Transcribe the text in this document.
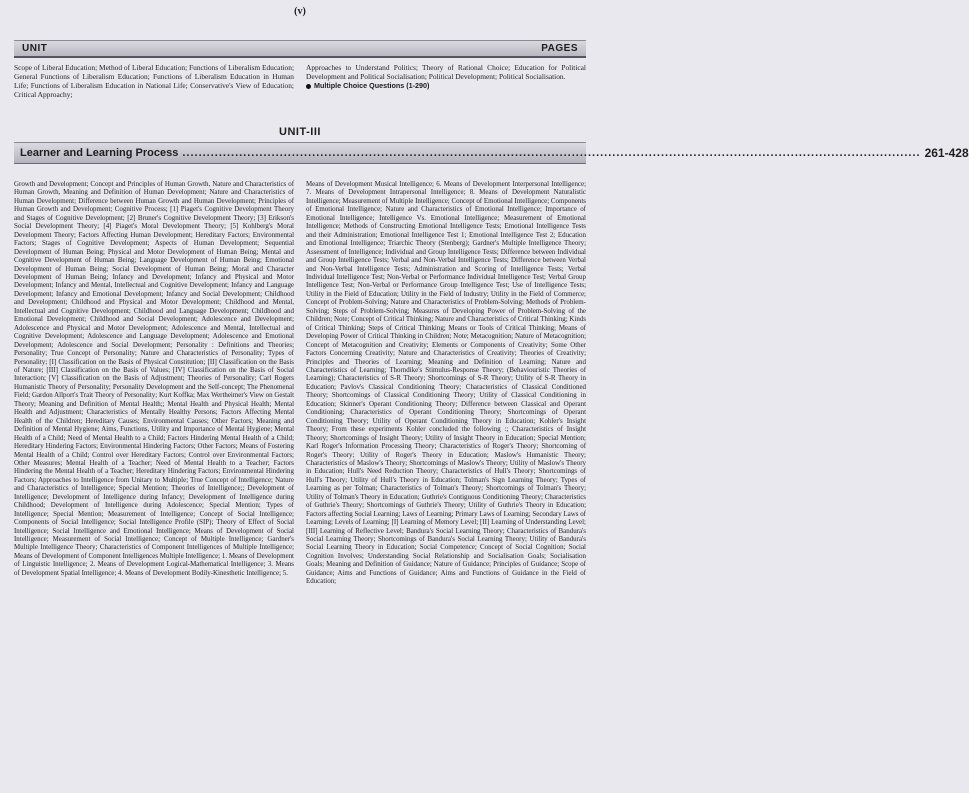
(v)
UNIT	PAGES
Scope of Liberal Education; Method of Liberal Education; Functions of Liberalism Education; General Functions of Liberalism Education; Functions of Liberalism Education in Human Life; Functions of Liberalism Education in National Life; Conservative's View of Education; Critical Approachy;
Approaches to Understand Politics; Theory of Rational Choice; Education for Political Development and Political Socialisation; Political Development; Political Socialisation.
Multiple Choice Questions (1-290)
UNIT-III
Learner and Learning Process ...................................................................................................................................................................................... 261-428
Growth and Development; Concept and Principles of Human Growth, Nature and Characteristics of Human Growth, Meaning and Definition of Human Development; Nature and Characteristics of Human Development; Difference between Human Growth and Human Development; Principles of Human Growth and Development; Cognitive Process; [1] Piaget's Cognitive Development Theory and Stages of Cognitive Development; [2] Bruner's Cognitive Development Theory; [3] Erikson's Social Development Theory; [4] Piaget's Moral Development Theory; [5] Kohlberg's Moral Development Theory; Factors Affecting Human Development; Hereditary Factors; Environmental Factors; Stages of Cognitive Development; Aspects of Human Development; Sequential Development of Human Being; Physical and Motor Development of Human Being; Mental and Cognitive Development of Human Being; Language Development of Human Being; Emotional Development of Human Being; Social Development of Human Being; Moral and Character Development of Human Being; Infancy and Development; Infancy and Physical and Motor Development; Infancy and Mental, Intellectual and Cognitive Development; Infancy and Language Development; Infancy and Emotional Development; Infancy and Social Development; Childhood and Development; Childhood and Physical and Motor Development; Childhood and Mental, Intellectual and Cognitive Development; Childhood and Language Development; Childhood and Emotional Development; Childhood and Social Development; Adolescence and Development; Adolescence and Physical and Motor Development; Adolescence and Mental, Intellectual and Cognitive Development; Adolescence and Language Development; Adolescence and Emotional Development; Adolescence and Social Development; Personality : Definitions and Theories; Personality; True Concept of Personality; Nature and Characteristics of Personality; Types of Personality; [I] Classification on the Basis of Physical Constitution; [II] Classification on the Basis of Nature; [III] Classification on the Basis of Values; [IV] Classification on the Basis of Social Interaction; [V] Classification on the Basis of Adjustment; Theories of Personality; Carl Rogers Humanistic Theory of Personality; Personality Development and the Self-concept; The Phenomenal Field; Gardon Allport's Trait Theory of Personality; Kurt Koffka; Max Wertheimer's View on Gestalt Theory; Meaning and Definition of Mental Health;; Mental Health and Physical Health; Mental Health and Adjustment; Characteristics of Mentally Healthy Persons; Factors Affecting Mental Health of the Children; Hereditary Causes; Environmental Causes; Other Factors; Meaning and Definition of Mental Hygiene; Aims, Functions, Utility and Importance of Mental Hygiene; Mental Health of a Child; Need of Mental Health to a Child; Factors Hindering Mental Health of a Child; Hereditary Hindering Factors; Environmental Hindering Factors; Other Factors; Means of Fostering Mental Health of a Child; Control over Hereditary Factors; Control over Environmental Factors; Other Measures; Mental Health of a Teacher; Need of Mental Health to a Teacher; Factors Hindering the Mental Health of a Teacher; Hereditary Hindering Factors; Environmental Hindering Factors; Approaches to Intelligence from Unitary to Multiple; True Concept of Intelligence; Nature and Characteristics of Intelligence; Special Mention; Theories of Intelligence;; Development of Intelligence; Development of Intelligence during Infancy; Development of Intelligence during Childhood; Development of Intelligence during Adolescence; Special Mention; Types of Intelligence; Special Mention; Measurement of Intelligence; Concept of Social Intelligence; Components of Social Intelligence; Social Intelligence Profile (SIP); Theory of Effect of Social Intelligence; Social Intelligence and Emotional Intelligence; Means of Development of Social Intelligence; Measurement of Social Intelligence; Concept of Multiple Intelligence; Gardner's Multiple Intelligence Theory; Characteristics of Component Intelligences of Multiple Intelligence; Means of Development of Component Intelligences Multiple Intelligence; 1. Means of Development of Linguistic Intelligence; 2. Means of Development Logical-Mathematical Intelligence; 3. Means of Development Spatial Intelligence; 4. Means of Development Bodily-Kinesthetic Intelligence; 5.
Means of Development Musical Intelligence; 6. Means of Development Interpersonal Intelligence; 7. Means of Development Intrapersonal Intelligence; 8. Means of Development Naturalistic Intelligence; Measurement of Multiple Intelligence; Concept of Emotional Intelligence; Components of Emotional Intelligence; Nature and Characteristics of Emotional Intelligence; Importance of Emotional Intelligence; Intelligence Vs. Emotional Intelligence; Measurement of Emotional Intelligence; Methods of Constructing Emotional Intelligence Tests; Emotional Intelligence Tests and their Administration; Emotional Intelligence Test 1; Emotional Intelligence Test 2; Education and Emotional Intelligence; Triarchic Theory (Stenberg); Gardner's Multiple Intelligence Theory; Assessment of Intelligence; Individual and Group Intelligence Tests; Difference between Individual and Group Intelligence Tests; Verbal and Non-Verbal Intelligence Tests; Difference between Verbal and Non-Verbal Intelligence Tests; Administration and Scoring of Intelligence Tests; Verbal Individual Intelligence Test; Non-Verbal or Performance Individual Intelligence Test; Verbal Group Intelligence Test; Non-Verbal or Performance Group Intelligence Test; Use of Intelligence Tests; Utility in the Field of Education; Utility in the Field of Industry; Utility in the Field of Commerce; Concept of Problem-Solving; Nature and Characteristics of Problem-Solving; Methods of Problem-Solving; Steps of Problem-Solving; Measures of Developing Power of Problem-Solving of the Children; Note; Concept of Critical Thinking; Nature and Characteristics of Critical Thinking; Kinds of Critical Thinking; Steps of Critical Thinking; Means or Tools of Critical Thinking; Means of Developing Power of Critical Thinking in Children; Note; Metacognition; Nature of Metacognition; Concept of Metacognition and Creativity; Elements or Components of Creativity; Some Other Factors Concerning Creativity; Nature and Characteristics of Creativity; Theories of Creativity; Principles and Theories of Learning; Meaning and Definition of Learning; Nature and Characteristics of Learning; Thorndike's Stimulus-Response Theory; (Behaviouristic Theories of Learning); Characteristics of S-R Theory; Shortcomings of S-R Theory; Utility of S-R Theory in Education; Pavlov's Classical Conditioning Theory; Characteristics of Classical Conditioned Theory; Shortcomings of Classical Conditioning Theory; Utility of Classical Conditioning in Education; Skinner's Operant Conditioning Theory; Difference between Classical and Operant Conditioning; Characteristics of Operant Conditioning Theory; Shortcomings of Operant Conditioning Theory; Utility of Operant Conditioning Theory in Education; Kohler's Insight Theory; From these experiments Kohler concluded the following :; Characteristics of Insight Theory; Shortcomings of Insight Theory; Utility of Insight Theory in Education; Special Mention; Karl Roger's Information Processing Theory; Characteristics of Roger's Theory; Shortcoming of Roger's Theory; Utility of Roger's Theory in Education; Maslow's Humanistic Theory; Characteristics of Maslow's Theory; Shortcomings of Maslow's Theory; Utility of Maslow's Theory in Education; Hull's Need Reduction Theory; Characteristics of Hull's Theory; Shortcomings of Hull's Theory; Utility of Hull's Theory in Education; Tolman's Sign Learning Theory; Types of Learning as per Tolman; Characteristics of Tolman's Theory; Shortcomings of Tolman's Theory; Utility of Tolman's Theory in Education; Guthrie's Contiguous Conditioning Theory; Characteristics of Guthrie's Theory; Shortcomings of Guthrie's Theory; Utility of Guthrie's Theory in Education; Factors affecting Social Learning; Laws of Learning; Primary Laws of Learning; Secondary Laws of Learning; Levels of Learning; [I] Learning of Memory Level; [II] Learning of Understanding Level; [III] Learning of Reflective Level; Bandura's Social Learning Theory; Characteristics of Bandura's Social Learning Theory; Shortcomings of Bandura's Social Learning Theory; Utility of Bandura's Social Learning Theory in Education; Social Competence; Concept of Social Cognition; Social Cognition Involves; Understanding Social Relationship and Socialisation Goals; Socialisation Goals; Meaning and Definition of Guidance; Nature of Guidance; Principles of Guidance; Scope of Guidance; Aims and Functions of Guidance; Aims and Functions of Guidance in the Field of Education;
